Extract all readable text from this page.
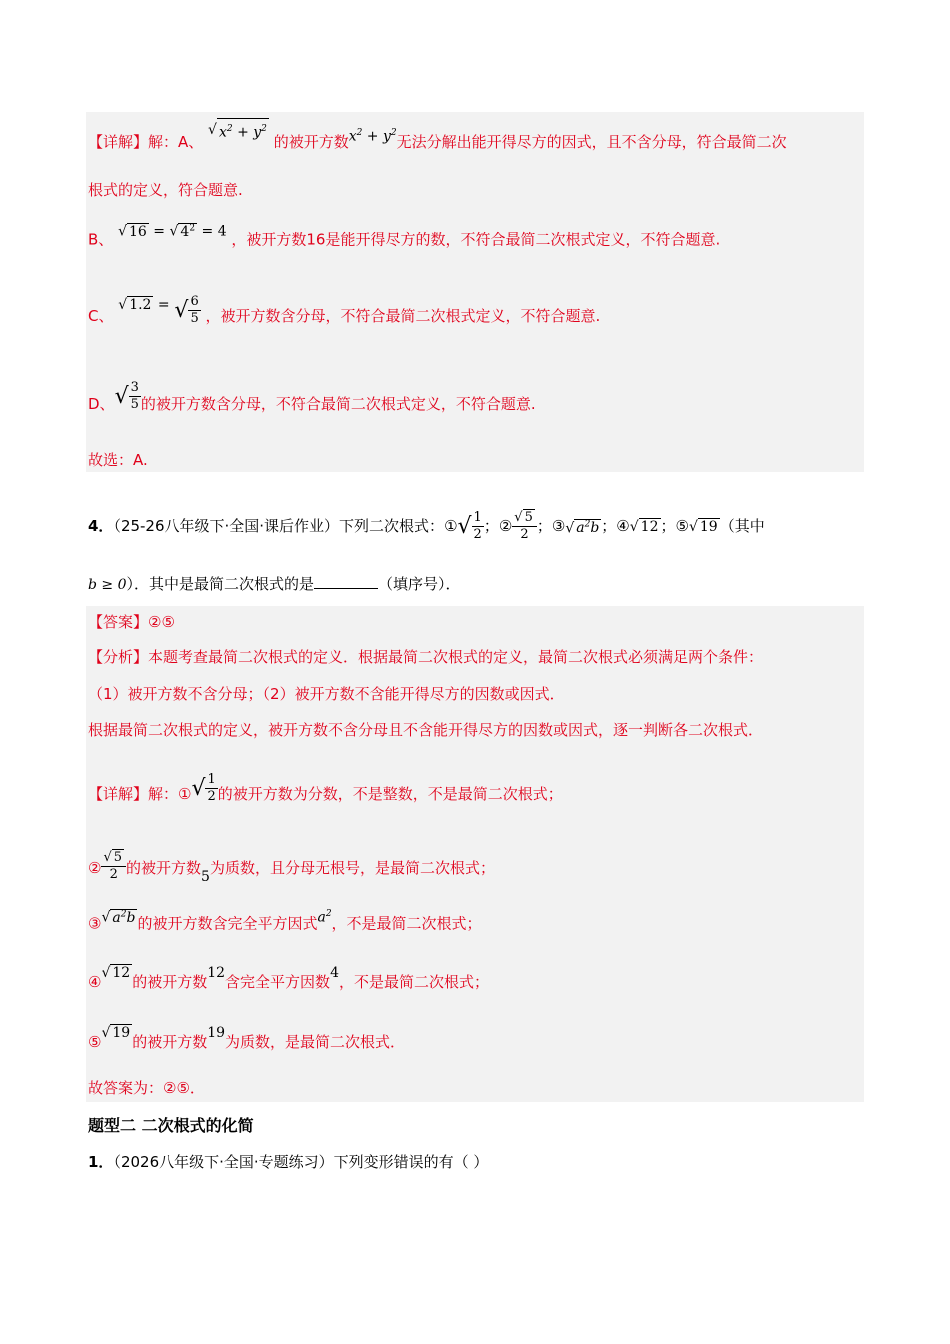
【详解】解：A、 √ $x^2 + y^2$ 的被开方数$x^2 + y^2$无法分解出能开得尽方的因式，且不含分母，符合最简二次
根式的定义，符合题意.
B、 √ 16 = √ $4^2 = 4$ ，被开方数16是能开得尽方的数，不符合最简二次根式定义，不符合题意.
C、 √ 1.2 = √ $\frac{6}{5}$ ，被开方数含分母，不符合最简二次根式定义，不符合题意.
D、√ $\frac{3}{5}$ 的被开方数含分母，不符合最简二次根式定义，不符合题意.
故选：A.
4．（25-26八年级下·全国·课后作业）下列二次根式：①√ $\frac{1}{2}$ ；② $\frac{√ 5}{2}$ ；③√ $a^2b$ ；④√ 12 ；⑤√ 19 （其中
b ≥ 0）．其中是最简二次根式的是	（填序号）．
【答案】②⑤
【分析】本题考查最简二次根式的定义．根据最简二次根式的定义，最简二次根式必须满足两个条件：
（1）被开方数不含分母；（2）被开方数不含能开得尽方的因数或因式．
根据最简二次根式的定义，被开方数不含分母且不含能开得尽方的因数或因式，逐一判断各二次根式．
【详解】解：①√ $\frac{1}{2}$ 的被开方数为分数，不是整数，不是最简二次根式；
② $\frac{√ 5}{2}$ 的被开方数5为质数，且分母无根号，是最简二次根式；
③√ $a^2b$ 的被开方数含完全平方因式$a^2$，不是最简二次根式；
④√ 12的被开方数12含完全平方因数4，不是最简二次根式；
⑤√ 19的被开方数19为质数，是最简二次根式．
故答案为：②⑤．
题型二 二次根式的化简
1．（2026八年级下·全国·专题练习）下列变形错误的有（ ）
